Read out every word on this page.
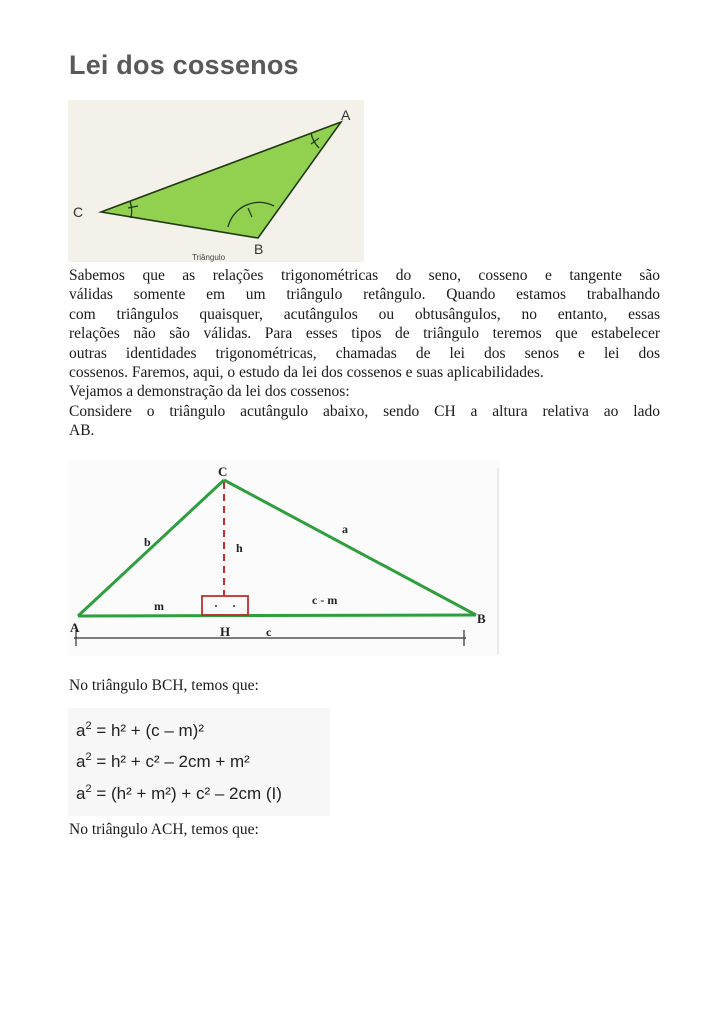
Lei dos cossenos
A
C
B
Triângulo

Sabemos que as relações trigonométricas do seno, cosseno e tangente são
válidas somente em um triângulo retângulo. Quando estamos trabalhando
com triângulos quaisquer, acutângulos ou obtusângulos, no entanto, essas
relações não são válidas. Para esses tipos de triângulo teremos que estabelecer
outras identidades trigonométricas, chamadas de lei dos senos e lei dos
cossenos. Faremos, aqui, o estudo da lei dos cossenos e suas aplicabilidades.
Vejamos a demonstração da lei dos cossenos:
Considere o triângulo acutângulo abaixo, sendo CH a altura relativa ao lado
AB.

C
A
B
H
b
a
h
m	c - m
c

No triângulo BCH, temos que:

$a^2 = h^2 + (c - m)^2$
$a^2 = h^2 + c^2 - 2cm + m^2$
$a^2 = (h^2 + m^2) + c^2 - 2cm$ (I)

No triângulo ACH, temos que:
